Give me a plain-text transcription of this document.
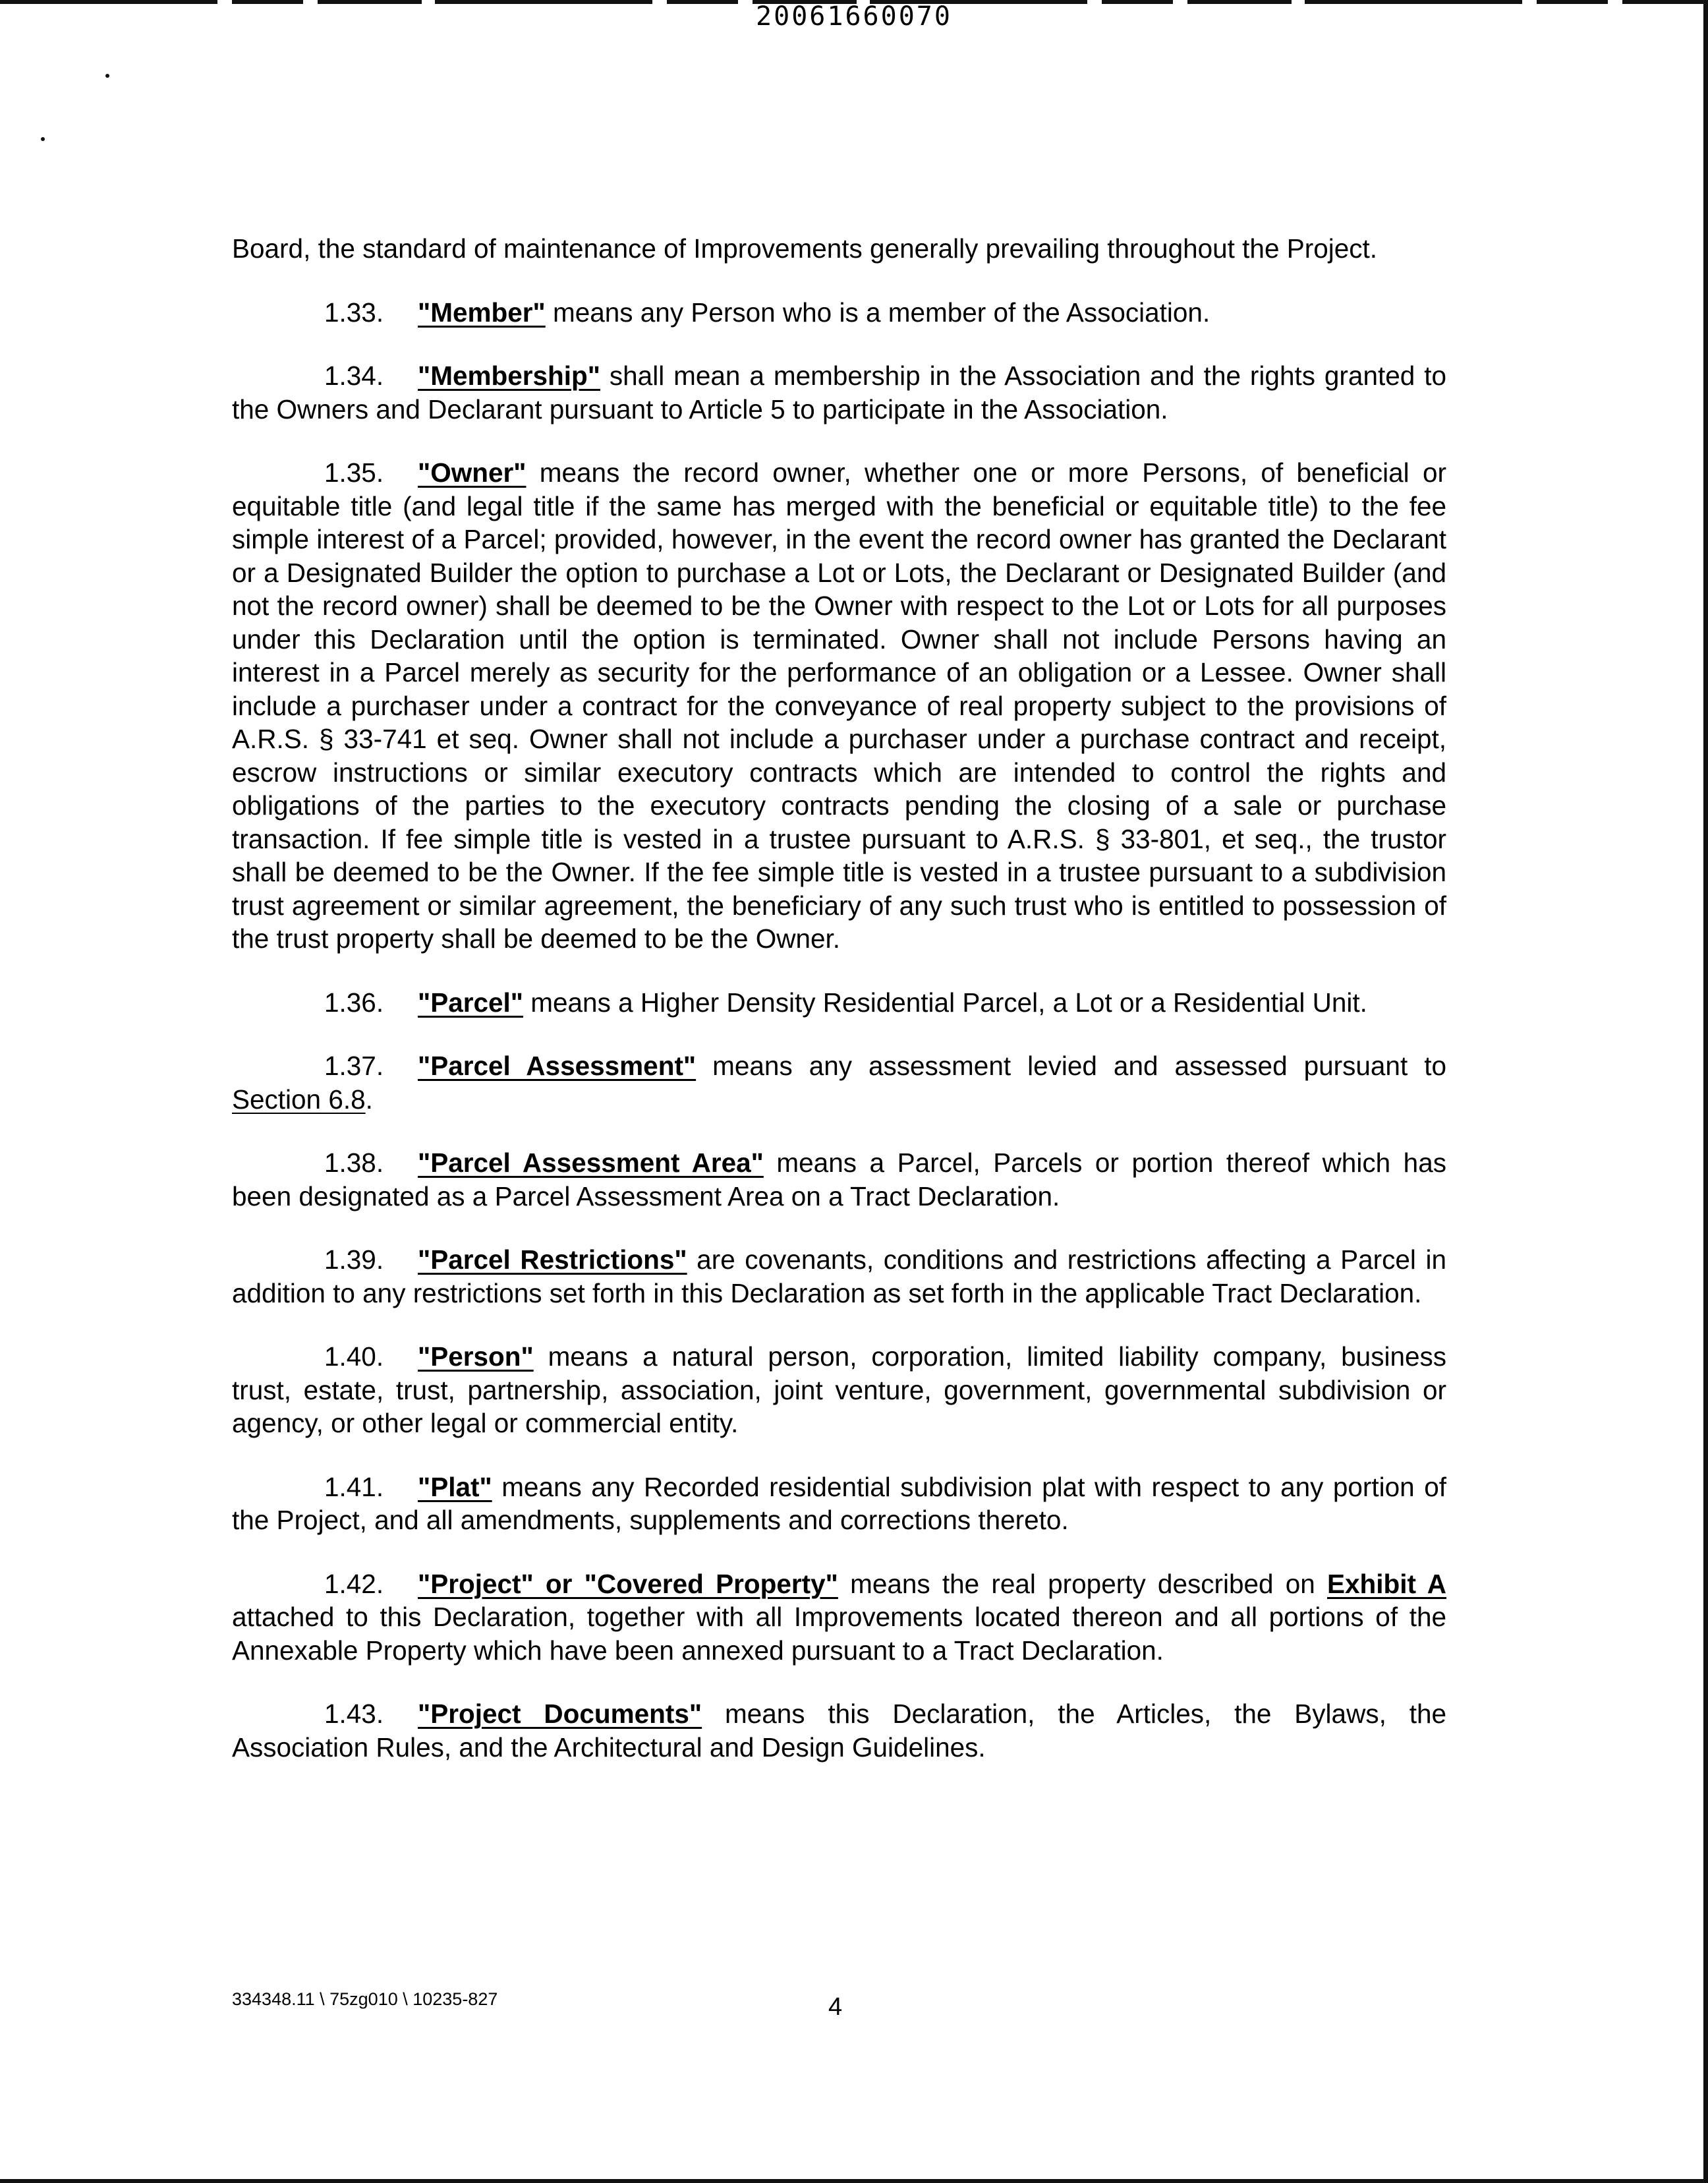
20061660070

Board, the standard of maintenance of Improvements generally prevailing throughout the Project.

1.33. "Member" means any Person who is a member of the Association.

1.34. "Membership" shall mean a membership in the Association and the rights granted to the Owners and Declarant pursuant to Article 5 to participate in the Association.

1.35. "Owner" means the record owner, whether one or more Persons, of beneficial or equitable title (and legal title if the same has merged with the beneficial or equitable title) to the fee simple interest of a Parcel; provided, however, in the event the record owner has granted the Declarant or a Designated Builder the option to purchase a Lot or Lots, the Declarant or Designated Builder (and not the record owner) shall be deemed to be the Owner with respect to the Lot or Lots for all purposes under this Declaration until the option is terminated. Owner shall not include Persons having an interest in a Parcel merely as security for the performance of an obligation or a Lessee. Owner shall include a purchaser under a contract for the conveyance of real property subject to the provisions of A.R.S. § 33-741 et seq. Owner shall not include a purchaser under a purchase contract and receipt, escrow instructions or similar executory contracts which are intended to control the rights and obligations of the parties to the executory contracts pending the closing of a sale or purchase transaction. If fee simple title is vested in a trustee pursuant to A.R.S. § 33-801, et seq., the trustor shall be deemed to be the Owner. If the fee simple title is vested in a trustee pursuant to a subdivision trust agreement or similar agreement, the beneficiary of any such trust who is entitled to possession of the trust property shall be deemed to be the Owner.

1.36. "Parcel" means a Higher Density Residential Parcel, a Lot or a Residential Unit.

1.37. "Parcel Assessment" means any assessment levied and assessed pursuant to Section 6.8.

1.38. "Parcel Assessment Area" means a Parcel, Parcels or portion thereof which has been designated as a Parcel Assessment Area on a Tract Declaration.

1.39. "Parcel Restrictions" are covenants, conditions and restrictions affecting a Parcel in addition to any restrictions set forth in this Declaration as set forth in the applicable Tract Declaration.

1.40. "Person" means a natural person, corporation, limited liability company, business trust, estate, trust, partnership, association, joint venture, government, governmental subdivision or agency, or other legal or commercial entity.

1.41. "Plat" means any Recorded residential subdivision plat with respect to any portion of the Project, and all amendments, supplements and corrections thereto.

1.42. "Project" or "Covered Property" means the real property described on Exhibit A attached to this Declaration, together with all Improvements located thereon and all portions of the Annexable Property which have been annexed pursuant to a Tract Declaration.

1.43. "Project Documents" means this Declaration, the Articles, the Bylaws, the Association Rules, and the Architectural and Design Guidelines.

334348.11 \ 75zg010 \ 10235-827	4
